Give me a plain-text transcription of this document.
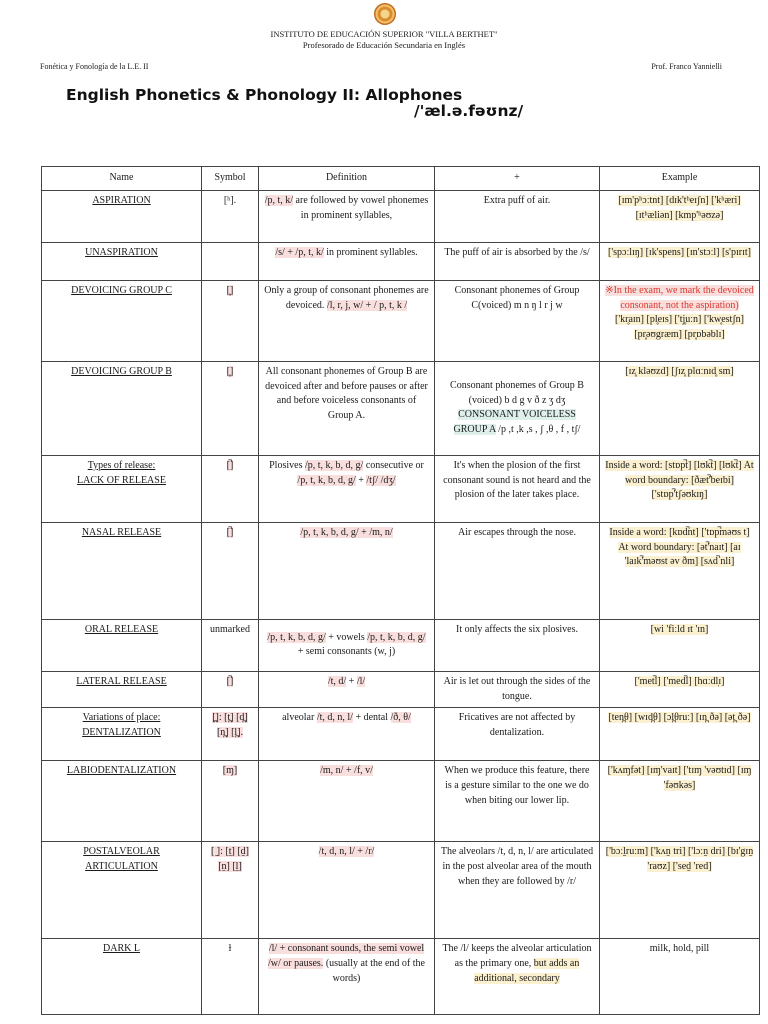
INSTITUTO DE EDUCACIÓN SUPERIOR "VILLA BERTHET"
Profesorado de Educación Secundaria en Inglés
Fonética y Fonología de la L.E. II	Prof. Franco Yannielli
English Phonetics & Phonology II: Allophones
/'æl.ə.fəʊnz/
Name	Symbol	Definition	+	Example
ASPIRATION	[ʰ].	/p, t, k/ are followed by vowel phonemes in prominent syllables,	Extra puff of air.	[ɪm'pʰɔːtnt] [dɪk'tʰeɪʃn] ['kʰæri] [ɪtʰæliən] [kmp'ʰəʊzə]
UNASPIRATION		/s/ + /p, t, k/ in prominent syllables.	The puff of air is absorbed by the /s/	['spɔːlɪŋ] [ɪk'spens] [ɪn'stɔːl] [s'pɪrɪt]
DEVOICING GROUP C	[̥]	Only a group of consonant phonemes are devoiced. /l, r, j, w/ + / p, t, k /	Consonant phonemes of Group C(voiced) m n ŋ l r j w	※In the exam, we mark the devoiced consonant, not the aspiration) ['kr̥aɪn] [pl̥eɪs] ['tj̥uːn] ['kw̥estʃn] [pr̥əʊgræm] [pr̥ɒbəblɪ]
DEVOICING GROUP B	[̥]	All consonant phonemes of Group B are devoiced after and before pauses or after and before voiceless consonants of Group A.	Consonant phonemes of Group B (voiced) b d g v ð z ʒ dʒ CONSONANT VOICELESS GROUP A /p ,t ,k ,s , ʃ ,θ , f , tʃ/	[ɪz̥ kləʊzd] [ʃɪz̥ plɑːnɪd̥ sm]
Types of release:
LACK OF RELEASE	[̚]	Plosives /p, t, k, b, d, g/ consecutive or /p, t, k, b, d, g/ + /tʃ/ /dʒ/	It's when the plosion of the first consonant sound is not heard and the plosion of the later takes place.	Inside a word: [stɒp̚t] [lʊk̚t] [lʊk̚t] At word boundary: [ðæt̚'beɪbi] ['stɒp̚'tʃəʊkɪŋ]
NASAL RELEASE	[̚]	/p, t, k, b, d, g/ + /m, n/	Air escapes through the nose.	Inside a word: [kɒd̚nt] ['tɒp̚məʊs t] At word boundary: [ət̚'naɪt] [aɪ 'laɪk̚'məʊst əv ðm] [sʌd̚ nli]
ORAL RELEASE	unmarked	/p, t, k, b, d, g/ + vowels /p, t, k, b, d, g/ + semi consonants (w, j)	It only affects the six plosives.	[wi 'fiːld ɪt 'ɪn]
LATERAL RELEASE	[̚]	/t, d/ + /l/	Air is let out through the sides of the tongue.	['met̚l] ['med̚l] [hɑːdl̩ɪ]
Variations of place:
DENTALIZATION	[̪]: [t̪] [d̪] [n̪] [l̪].	alveolar /t, d, n, l/ + dental /ð, θ/	Fricatives are not affected by dentalization.	[ten̪θ] [wɪd̪θ] [ɔl̪θruː] [ɪn̪ ðə] [ət̪ ðə]
LABIODENTALIZATION	[ɱ]	/m, n/ + /f, v/	When we produce this feature, there is a gesture similar to the one we do when biting our lower lip.	['kʌɱfət] [ɪɱ'vaɪt] ['tɪɱ 'vəʊtɪd] [ɪɱ 'fəʊkəs]
POSTALVEOLAR
ARTICULATION	[ ̠]: [t̠] [d̠] [n̠] [l̠]	/t, d, n, l/ + /r/	The alveolars /t, d, n, l/ are articulated in the post alveolar area of the mouth when they are followed by /r/	['bɔːl̠ruːm] ['kʌn̠ tri] ['lɔːn̠ dri] [bɪ'gɪn̠ 'raʊz] ['sed̠ 'red]
DARK L	ɫ	/l/ + consonant sounds, the semi vowel /w/ or pauses. (usually at the end of the words)	The /l/ keeps the alveolar articulation as the primary one, but adds an additional, secondary	milk, hold, pill
